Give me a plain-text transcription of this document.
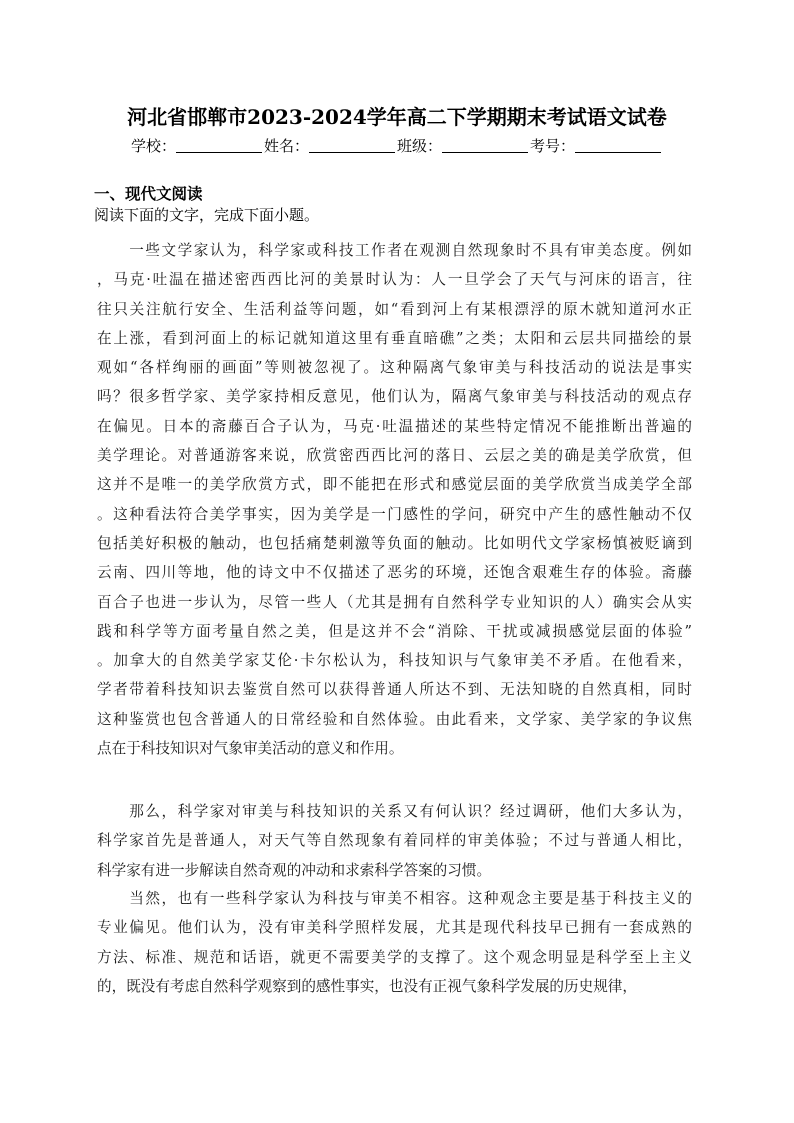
河北省邯郸市2023-2024学年高二下学期期末考试语文试卷
学校：	姓名：	班级：	考号：
一、现代文阅读
阅读下面的文字，完成下面小题。
　　一些文学家认为，科学家或科技工作者在观测自然现象时不具有审美态度。例如
，马克·吐温在描述密西西比河的美景时认为：人一旦学会了天气与河床的语言，往
往只关注航行安全、生活利益等问题，如“看到河上有某根漂浮的原木就知道河水正
在上涨，看到河面上的标记就知道这里有垂直暗礁”之类；太阳和云层共同描绘的景
观如“各样绚丽的画面”等则被忽视了。这种隔离气象审美与科技活动的说法是事实
吗？很多哲学家、美学家持相反意见，他们认为，隔离气象审美与科技活动的观点存
在偏见。日本的斋藤百合子认为，马克·吐温描述的某些特定情况不能推断出普遍的
美学理论。对普通游客来说，欣赏密西西比河的落日、云层之美的确是美学欣赏，但
这并不是唯一的美学欣赏方式，即不能把在形式和感觉层面的美学欣赏当成美学全部
。这种看法符合美学事实，因为美学是一门感性的学问，研究中产生的感性触动不仅
包括美好积极的触动，也包括痛楚刺激等负面的触动。比如明代文学家杨慎被贬谪到
云南、四川等地，他的诗文中不仅描述了恶劣的环境，还饱含艰难生存的体验。斋藤
百合子也进一步认为，尽管一些人（尤其是拥有自然科学专业知识的人）确实会从实
践和科学等方面考量自然之美，但是这并不会“消除、干扰或减损感觉层面的体验”
。加拿大的自然美学家艾伦·卡尔松认为，科技知识与气象审美不矛盾。在他看来，
学者带着科技知识去鉴赏自然可以获得普通人所达不到、无法知晓的自然真相，同时
这种鉴赏也包含普通人的日常经验和自然体验。由此看来，文学家、美学家的争议焦
点在于科技知识对气象审美活动的意义和作用。
　　那么，科学家对审美与科技知识的关系又有何认识？经过调研，他们大多认为，
科学家首先是普通人，对天气等自然现象有着同样的审美体验；不过与普通人相比，
科学家有进一步解读自然奇观的冲动和求索科学答案的习惯。
　　当然，也有一些科学家认为科技与审美不相容。这种观念主要是基于科技主义的
专业偏见。他们认为，没有审美科学照样发展，尤其是现代科技早已拥有一套成熟的
方法、标准、规范和话语，就更不需要美学的支撑了。这个观念明显是科学至上主义
的，既没有考虑自然科学观察到的感性事实，也没有正视气象科学发展的历史规律，
